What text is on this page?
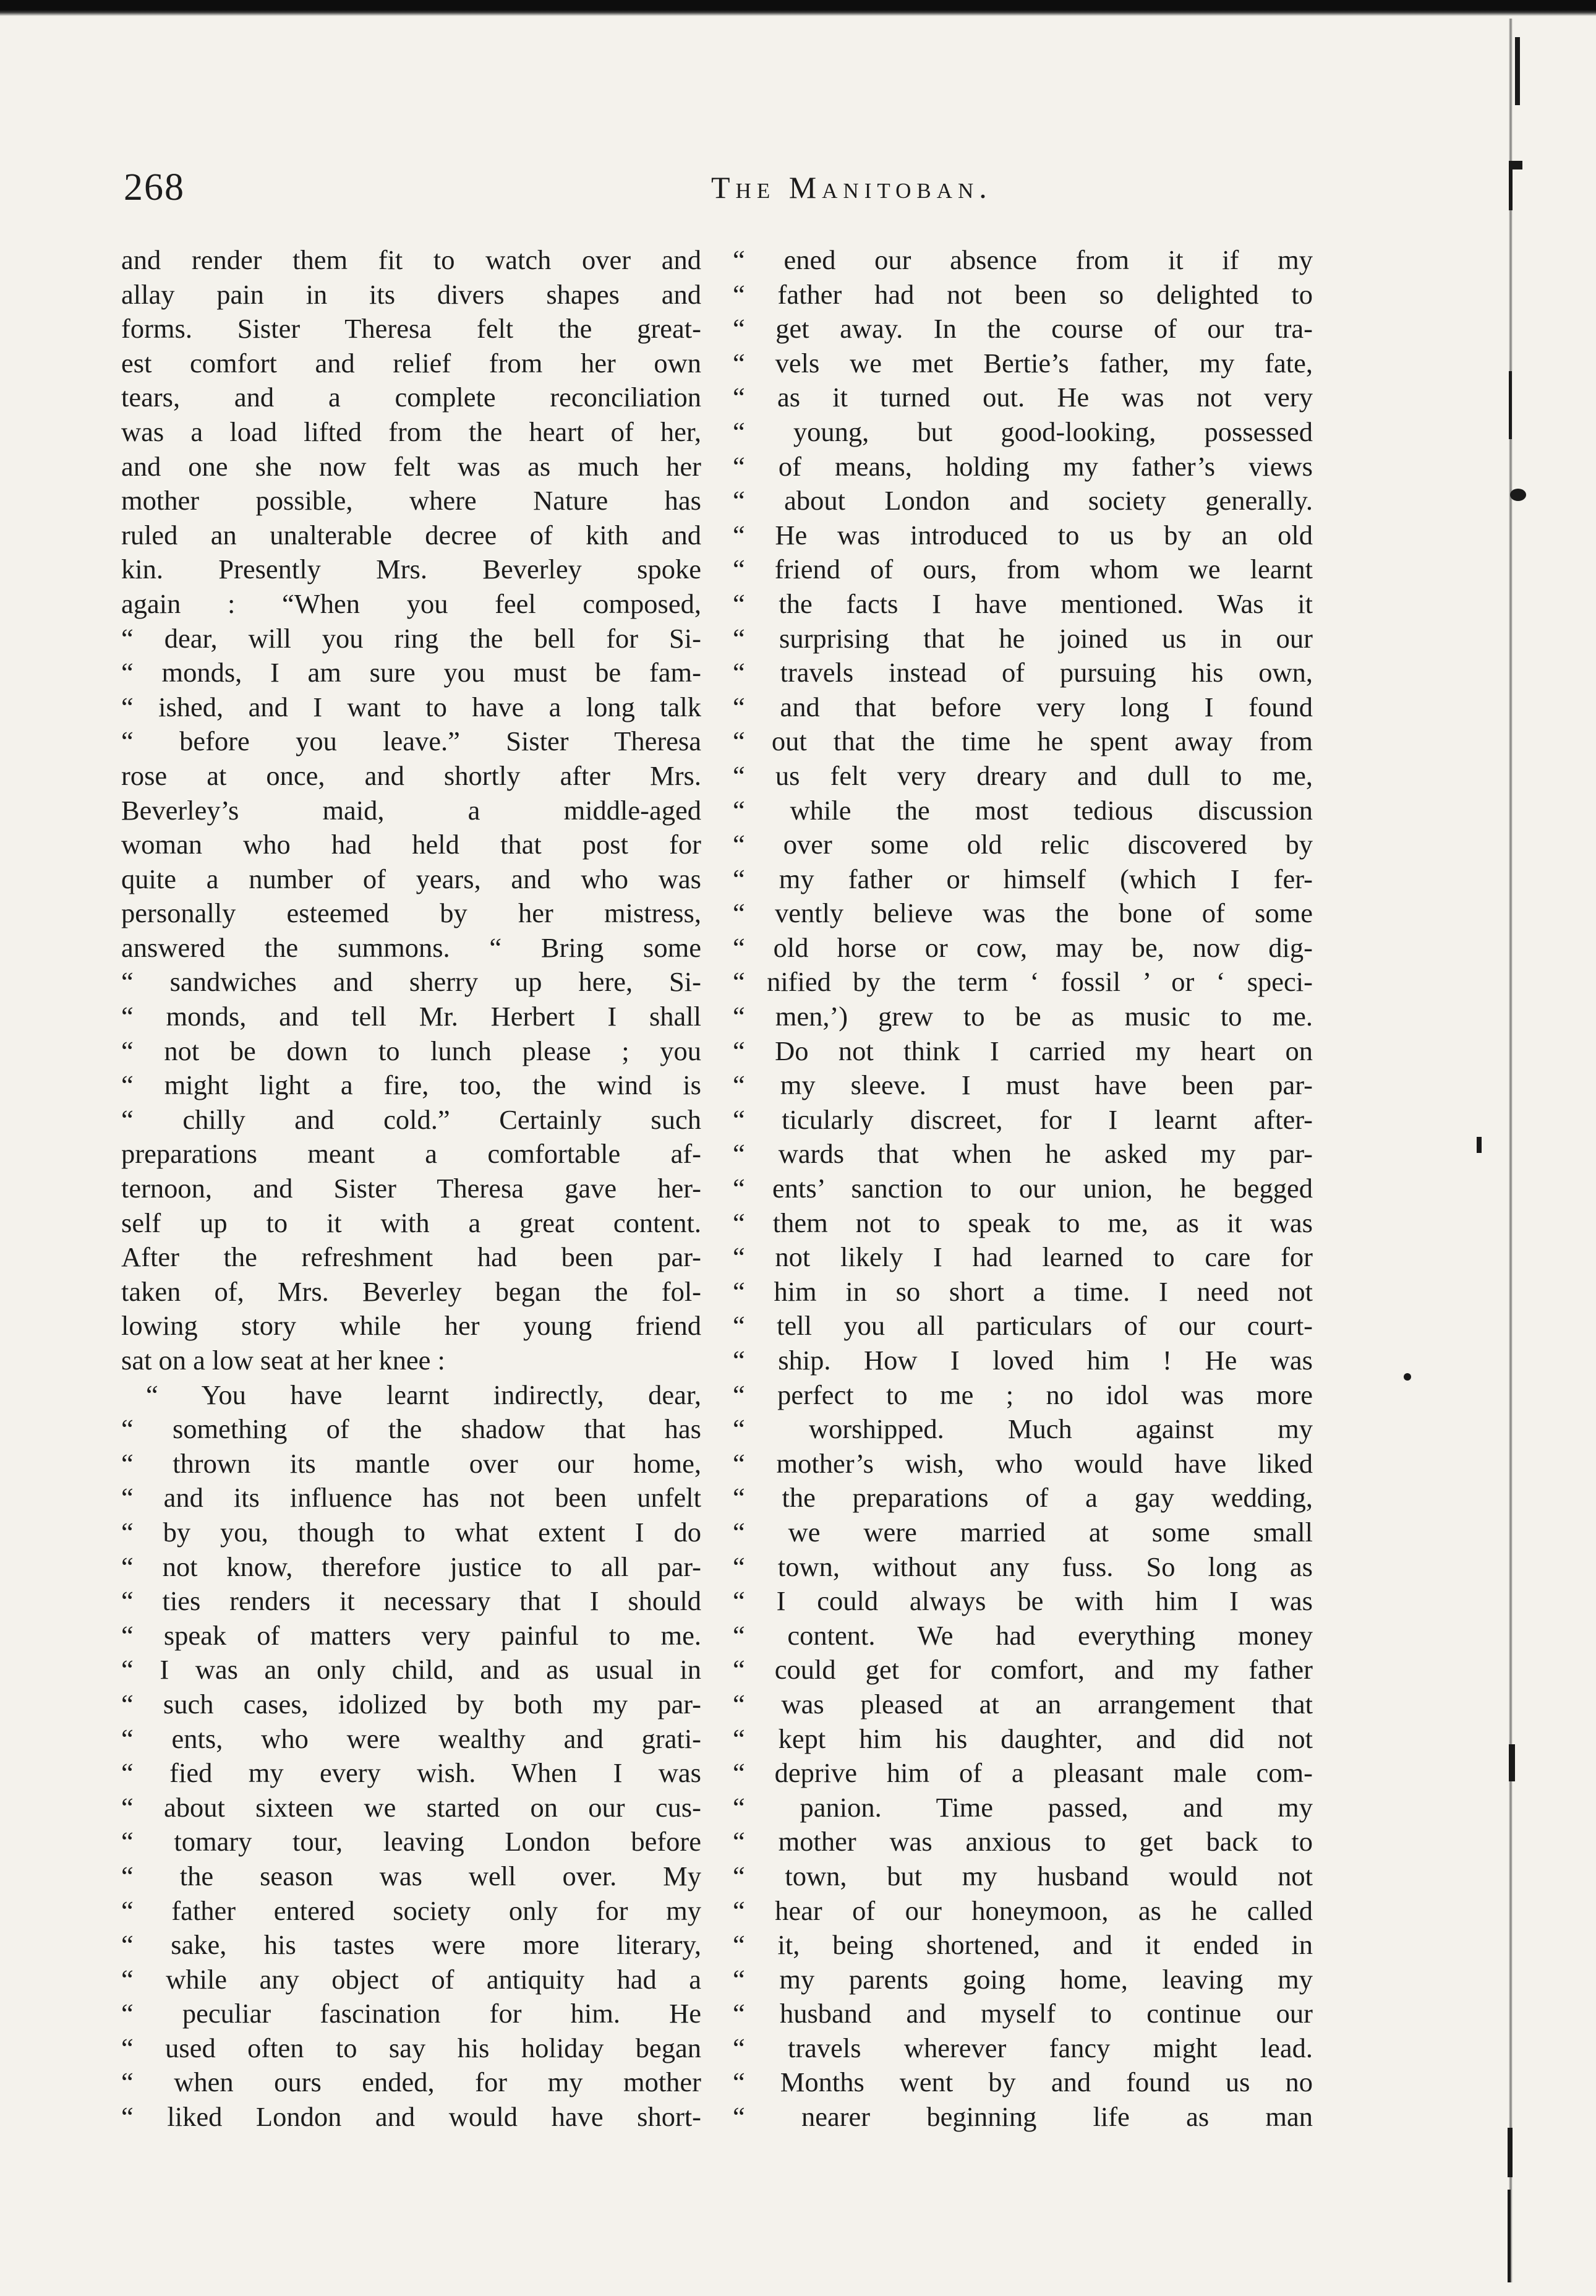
268	The Manitoban.
and render them fit to watch over and
allay pain in its divers shapes and
forms. Sister Theresa felt the great-
est comfort and relief from her own
tears, and a complete reconciliation
was a load lifted from the heart of her,
and one she now felt was as much her
mother possible, where Nature has
ruled an unalterable decree of kith and
kin. Presently Mrs. Beverley spoke
again : “When you feel composed,
“ dear, will you ring the bell for Si-
“ monds, I am sure you must be fam-
“ ished, and I want to have a long talk
“ before you leave.” Sister Theresa
rose at once, and shortly after Mrs.
Beverley’s maid, a middle-aged
woman who had held that post for
quite a number of years, and who was
personally esteemed by her mistress,
answered the summons. “ Bring some
“ sandwiches and sherry up here, Si-
“ monds, and tell Mr. Herbert I shall
“ not be down to lunch please ; you
“ might light a fire, too, the wind is
“ chilly and cold.” Certainly such
preparations meant a comfortable af-
ternoon, and Sister Theresa gave her-
self up to it with a great content.
After the refreshment had been par-
taken of, Mrs. Beverley began the fol-
lowing story while her young friend
sat on a low seat at her knee :
“ You have learnt indirectly, dear,
“ something of the shadow that has
“ thrown its mantle over our home,
“ and its influence has not been unfelt
“ by you, though to what extent I do
“ not know, therefore justice to all par-
“ ties renders it necessary that I should
“ speak of matters very painful to me.
“ I was an only child, and as usual in
“ such cases, idolized by both my par-
“ ents, who were wealthy and grati-
“ fied my every wish. When I was
“ about sixteen we started on our cus-
“ tomary tour, leaving London before
“ the season was well over. My
“ father entered society only for my
“ sake, his tastes were more literary,
“ while any object of antiquity had a
“ peculiar fascination for him. He
“ used often to say his holiday began
“ when ours ended, for my mother
“ liked London and would have short-
“ ened our absence from it if my
“ father had not been so delighted to
“ get away. In the course of our tra-
“ vels we met Bertie’s father, my fate,
“ as it turned out. He was not very
“ young, but good-looking, possessed
“ of means, holding my father’s views
“ about London and society generally.
“ He was introduced to us by an old
“ friend of ours, from whom we learnt
“ the facts I have mentioned. Was it
“ surprising that he joined us in our
“ travels instead of pursuing his own,
“ and that before very long I found
“ out that the time he spent away from
“ us felt very dreary and dull to me,
“ while the most tedious discussion
“ over some old relic discovered by
“ my father or himself (which I fer-
“ vently believe was the bone of some
“ old horse or cow, may be, now dig-
“ nified by the term ‘ fossil ’ or ‘ speci-
“ men,’) grew to be as music to me.
“ Do not think I carried my heart on
“ my sleeve. I must have been par-
“ ticularly discreet, for I learnt after-
“ wards that when he asked my par-
“ ents’ sanction to our union, he begged
“ them not to speak to me, as it was
“ not likely I had learned to care for
“ him in so short a time. I need not
“ tell you all particulars of our court-
“ ship. How I loved him ! He was
“ perfect to me ; no idol was more
“ worshipped. Much against my
“ mother’s wish, who would have liked
“ the preparations of a gay wedding,
“ we were married at some small
“ town, without any fuss. So long as
“ I could always be with him I was
“ content. We had everything money
“ could get for comfort, and my father
“ was pleased at an arrangement that
“ kept him his daughter, and did not
“ deprive him of a pleasant male com-
“ panion. Time passed, and my
“ mother was anxious to get back to
“ town, but my husband would not
“ hear of our honeymoon, as he called
“ it, being shortened, and it ended in
“ my parents going home, leaving my
“ husband and myself to continue our
“ travels wherever fancy might lead.
“ Months went by and found us no
“ nearer beginning life as man
